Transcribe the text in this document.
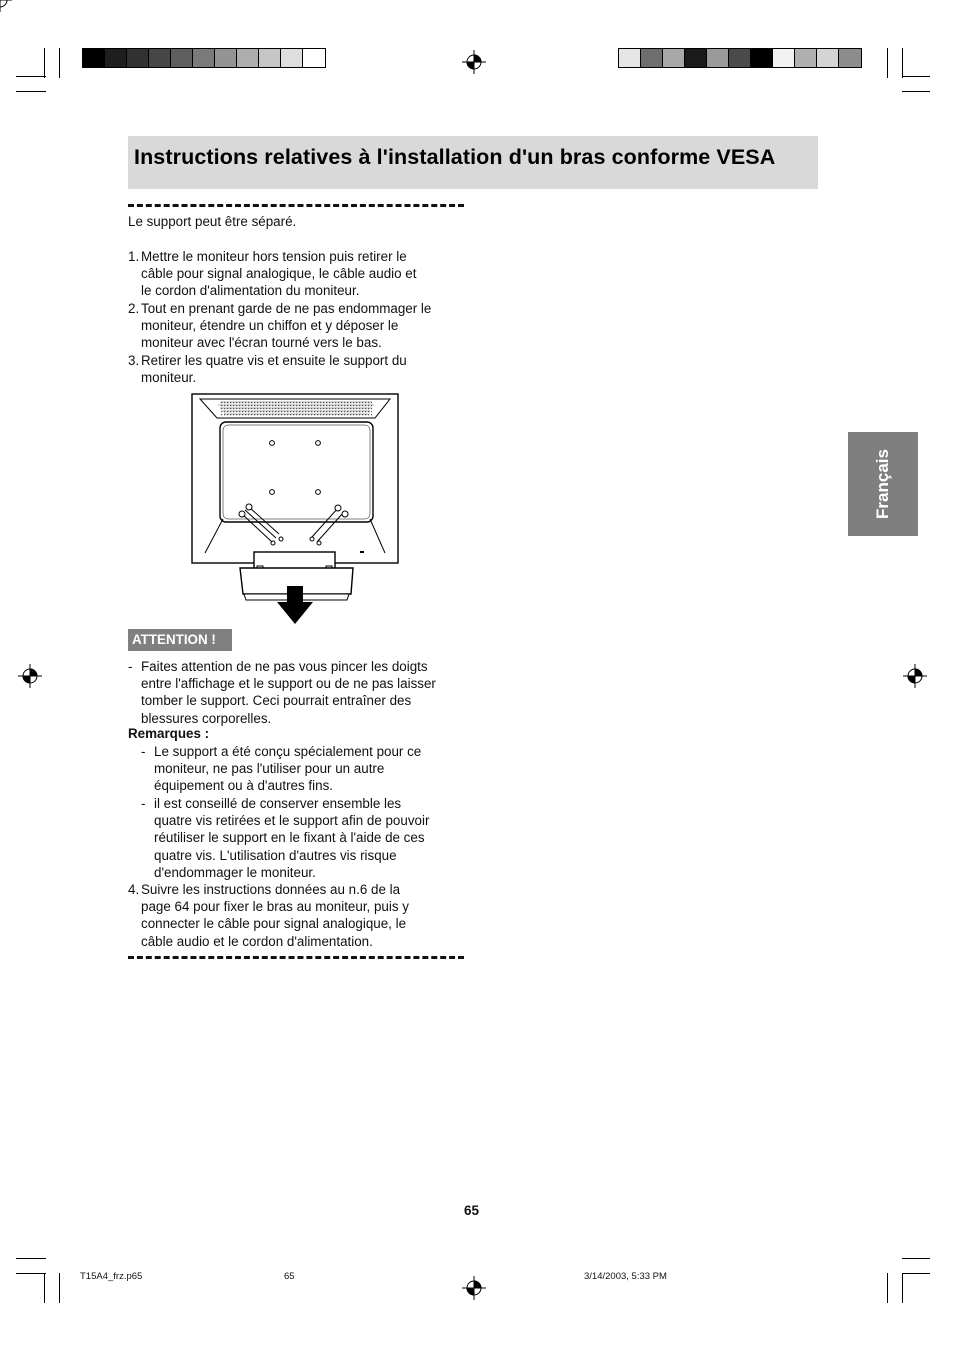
Instructions relatives à l'installation d'un bras conforme VESA
Le support peut être séparé.
1. Mettre le moniteur hors tension puis retirer le
câble pour signal analogique, le câble audio et
le cordon d'alimentation du moniteur.
2. Tout en prenant garde de ne pas endommager le
moniteur, étendre un chiffon et y déposer le
moniteur avec l'écran tourné vers le bas.
3. Retirer les quatre vis et ensuite le support du
moniteur.
ATTENTION !
- Faites attention de ne pas vous pincer les doigts
entre l'affichage et le support ou de ne pas laisser
tomber le support. Ceci pourrait entraîner des
blessures corporelles.
Remarques :
- Le support a été conçu spécialement pour ce
moniteur, ne pas l'utiliser pour un autre
équipement ou à d'autres fins.
- il est conseillé de conserver ensemble les
quatre vis retirées et le support afin de pouvoir
réutiliser le support en le fixant à l'aide de ces
quatre vis. L'utilisation d'autres vis risque
d'endommager le moniteur.
4. Suivre les instructions données au n.6 de la
page 64 pour fixer le bras au moniteur, puis y
connecter le câble pour signal analogique, le
câble audio et le cordon d'alimentation.
Français
65
T15A4_frz.p65	65	3/14/2003, 5:33 PM
